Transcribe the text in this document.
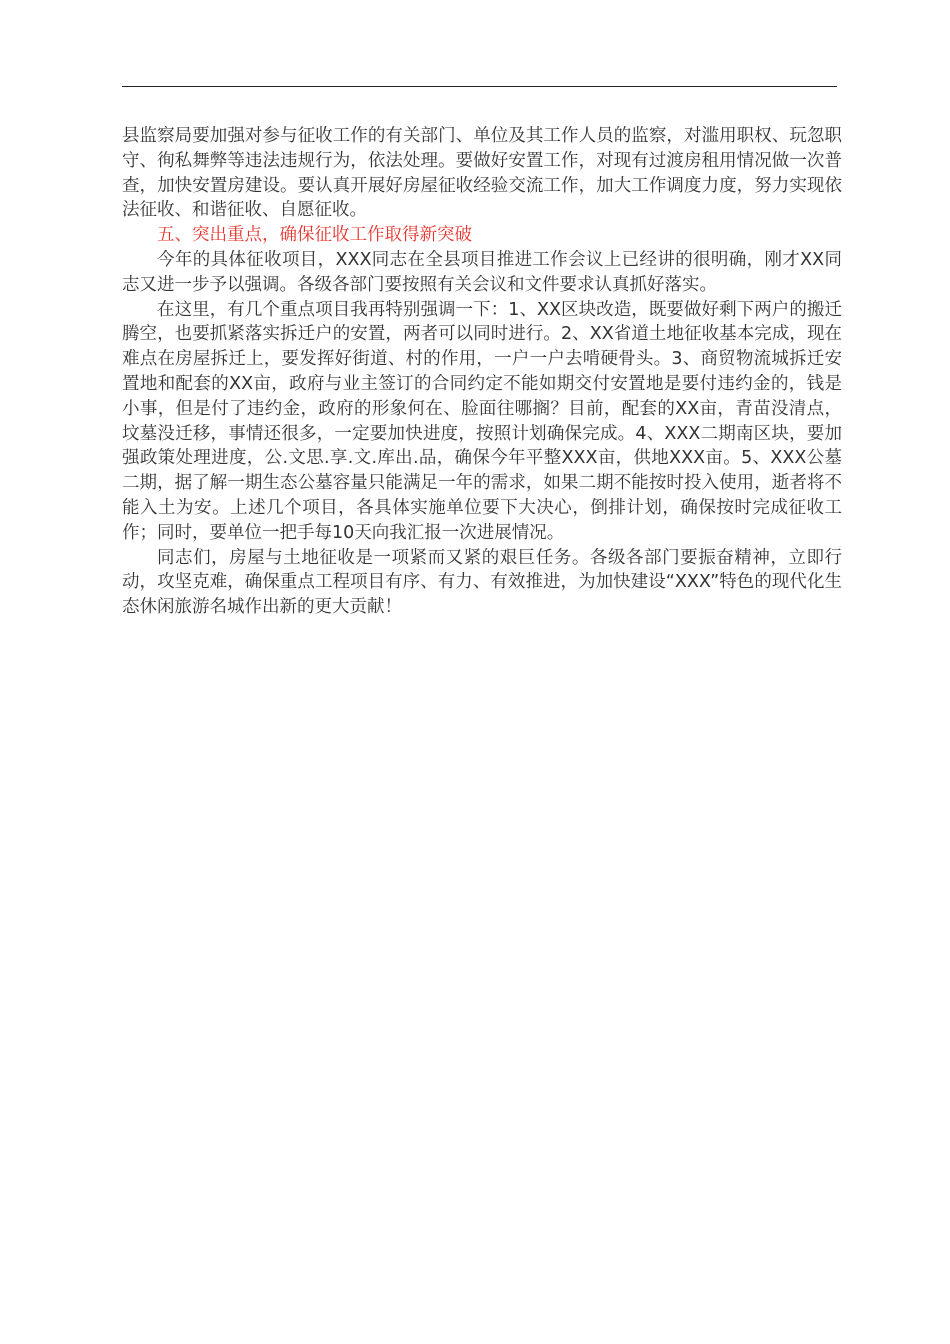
县监察局要加强对参与征收工作的有关部门、单位及其工作人员的监察，对滥用职权、玩忽职守、徇私舞弊等违法违规行为，依法处理。要做好安置工作，对现有过渡房租用情况做一次普查，加快安置房建设。要认真开展好房屋征收经验交流工作，加大工作调度力度，努力实现依法征收、和谐征收、自愿征收。

五、突出重点，确保征收工作取得新突破

今年的具体征收项目，XXX同志在全县项目推进工作会议上已经讲的很明确，刚才XX同志又进一步予以强调。各级各部门要按照有关会议和文件要求认真抓好落实。

在这里，有几个重点项目我再特别强调一下：1、XX区块改造，既要做好剩下两户的搬迁腾空，也要抓紧落实拆迁户的安置，两者可以同时进行。2、XX省道土地征收基本完成，现在难点在房屋拆迁上，要发挥好街道、村的作用，一户一户去啃硬骨头。3、商贸物流城拆迁安置地和配套的XX亩，政府与业主签订的合同约定不能如期交付安置地是要付违约金的，钱是小事，但是付了违约金，政府的形象何在、脸面往哪搁？目前，配套的XX亩，青苗没清点，坟墓没迁移，事情还很多，一定要加快进度，按照计划确保完成。4、XXX二期南区块，要加强政策处理进度，公.文思.享.文.库出.品，确保今年平整XXX亩，供地XXX亩。5、XXX公墓二期，据了解一期生态公墓容量只能满足一年的需求，如果二期不能按时投入使用，逝者将不能入土为安。上述几个项目，各具体实施单位要下大决心，倒排计划，确保按时完成征收工作；同时，要单位一把手每10天向我汇报一次进展情况。

同志们，房屋与土地征收是一项紧而又紧的艰巨任务。各级各部门要振奋精神，立即行动，攻坚克难，确保重点工程项目有序、有力、有效推进，为加快建设“XXX”特色的现代化生态休闲旅游名城作出新的更大贡献！
